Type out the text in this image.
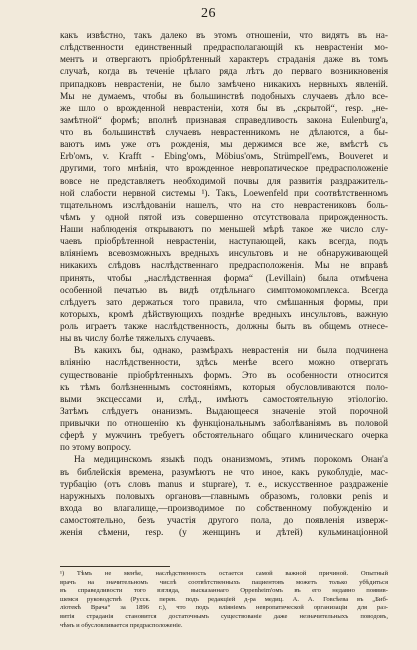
26
какъ извѣстно, такъ далеко въ этомъ отношеніи, что видятъ въ на-
слѣдственности единственный предрасполагающій къ неврастеніи мо-
ментъ и отвергаютъ пріобрѣтенный характеръ страданія даже въ томъ
случаѣ, когда въ теченіе цѣлаго ряда лѣтъ до перваго возникновенія
припадковъ неврастеніи, не было замѣчено никакихъ нервныхъ явленій.
Мы не думаемъ, чтобы въ большинствѣ подобныхъ случаевъ дѣло все-
же шло о врожденной неврастеніи, хотя бы въ „скрытой“, resp. „не-
замѣтной“ формѣ; вполнѣ признавая справедливость закона Eulenburg'а,
что въ большинствѣ случаевъ неврастенникомъ не дѣлаются, а бы-
ваютъ имъ уже отъ рожденія, мы держимся все же, вмѣстѣ съ
Erb'омъ, v. Krafft - Ebing'омъ, Möbius'омъ, Strümpell'емъ, Bouveret и
другими, того мнѣнія, что врожденное невропатическое предрасположеніе
вовсе не представляетъ необходимой почвы для развитія раздражитель-
ной слабости нервной системы ¹). Такъ, Loewenfeld при соотвѣтственномъ
тщательномъ изслѣдованіи нашелъ, что на сто неврастениковъ боль-
чѣмъ у одной пятой изъ совершенно отсутствовала прирожденность.
Наши наблюденія открываютъ по меньшей мѣрѣ такое же число слу-
чаевъ пріобрѣтенной неврастеніи, наступающей, какъ всегда, подъ
вліяніемъ всевозможныхъ вредныхъ инсультовъ и не обнаруживающей
никакихъ слѣдовъ наслѣдственнаго предрасположенія. Мы не вправѣ
принять, чтобы „наслѣдственная форма“ (Levillain) была отмѣчена
особенной печатью въ видѣ отдѣльнаго симптомокомплекса. Всегда
слѣдуетъ зато держаться того правила, что смѣшанныя формы, при
которыхъ, кромѣ дѣйствующихъ позднѣе вредныхъ инсультовъ, важную
роль играетъ также наслѣдственность, должны быть въ общемъ отнесе-
ны въ числу болѣе тяжелыхъ случаевъ.
Въ какихъ бы, однако, размѣрахъ неврастенія ни была подчинена
вліянію наслѣдственности, здѣсь менѣе всего можно отвергать
существованіе пріобрѣтенныхъ формъ. Это въ особенности относится
къ тѣмъ болѣзненнымъ состояніямъ, которыя обусловливаются поло-
выми эксцессами и, слѣд., имѣютъ самостоятельную этіологію.
Затѣмъ слѣдуетъ онанизмъ. Выдающееся значеніе этой порочной
привычки по отношенію къ функціональнымъ заболѣваніямъ въ половой
сферѣ у мужчинъ требуетъ обстоятельнаго общаго клиническаго очерка
по этому вопросу.
На медицинскомъ языкѣ подъ онанизмомъ, этимъ порокомъ Онан'а
въ библейскія времена, разумѣютъ не что иное, какъ рукоблудіе, мас-
турбацію (отъ словъ manus и stuprare), т. е., искусственное раздраженіе
наружныхъ половыхъ органовъ—главнымъ образомъ, головки penis и
входа во влагалище,—производимое по собственному побужденію и
самостоятельно, безъ участія другого пола, до появленія изверж-
женія сѣмени, resp. (у женщинъ и дѣтей) кульминаціонной
¹) Тѣмъ не менѣе, наслѣдственность остается самой важной причиной. Опытный
врачъ на значительномъ числѣ соотвѣтственныхъ пациентовъ можетъ только убѣдиться
въ справедливости того взгляда, высказаннаго Oppenheim'омъ въ его недавно появив-
шемся руководствѣ (Русск. перев. подъ редакціей д-ра медиц. А. А. Говсѣева въ „Биб-
ліотекѣ Врача“ за 1896 г.), что подъ вліяніемъ невропатической организаціи для раз-
витія страданія становится достаточнымъ существованіе даже незначительныхъ поводовъ,
чѣмъ и обусловливается предрасположеніе.
